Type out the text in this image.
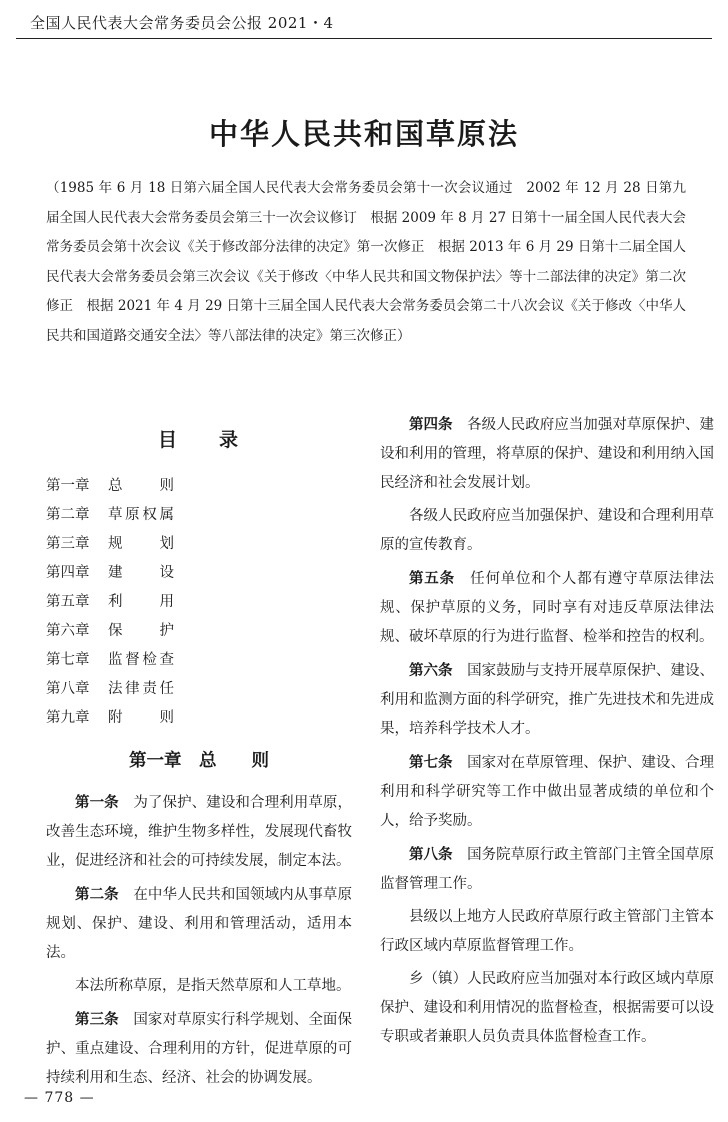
全国人民代表大会常务委员会公报 2021・4
中华人民共和国草原法
（1985 年 6 月 18 日第六届全国人民代表大会常务委员会第十一次会议通过　2002 年 12 月 28 日第九届全国人民代表大会常务委员会第三十一次会议修订　根据 2009 年 8 月 27 日第十一届全国人民代表大会常务委员会第十次会议《关于修改部分法律的决定》第一次修正　根据 2013 年 6 月 29 日第十二届全国人民代表大会常务委员会第三次会议《关于修改〈中华人民共和国文物保护法〉等十二部法律的决定》第二次修正　根据 2021 年 4 月 29 日第十三届全国人民代表大会常务委员会第二十八次会议《关于修改〈中华人民共和国道路交通安全法〉等八部法律的决定》第三次修正）
目录
第一章	总则
第二章	草原权属
第三章	规划
第四章	建设
第五章	利用
第六章	保护
第七章	监督检查
第八章	法律责任
第九章	附则
第一章　总　　则

第一条　 为了保护、建设和合理利用草原，改善生态环境，维护生物多样性，发展现代畜牧业，促进经济和社会的可持续发展，制定本法。

第二条　 在中华人民共和国领域内从事草原规划、保护、建设、利用和管理活动，适用本法。

本法所称草原，是指天然草原和人工草地。

第三条　 国家对草原实行科学规划、全面保护、重点建设、合理利用的方针，促进草原的可持续利用和生态、经济、社会的协调发展。

第四条　 各级人民政府应当加强对草原保护、建设和利用的管理，将草原的保护、建设和利用纳入国民经济和社会发展计划。

各级人民政府应当加强保护、建设和合理利用草原的宣传教育。

第五条　 任何单位和个人都有遵守草原法律法规、保护草原的义务，同时享有对违反草原法律法规、破坏草原的行为进行监督、检举和控告的权利。

第六条　 国家鼓励与支持开展草原保护、建设、利用和监测方面的科学研究，推广先进技术和先进成果，培养科学技术人才。

第七条　 国家对在草原管理、保护、建设、合理利用和科学研究等工作中做出显著成绩的单位和个人，给予奖励。

第八条　 国务院草原行政主管部门主管全国草原监督管理工作。

县级以上地方人民政府草原行政主管部门主管本行政区域内草原监督管理工作。

乡（镇）人民政府应当加强对本行政区域内草原保护、建设和利用情况的监督检查，根据需要可以设专职或者兼职人员负责具体监督检查工作。

— 778 —
